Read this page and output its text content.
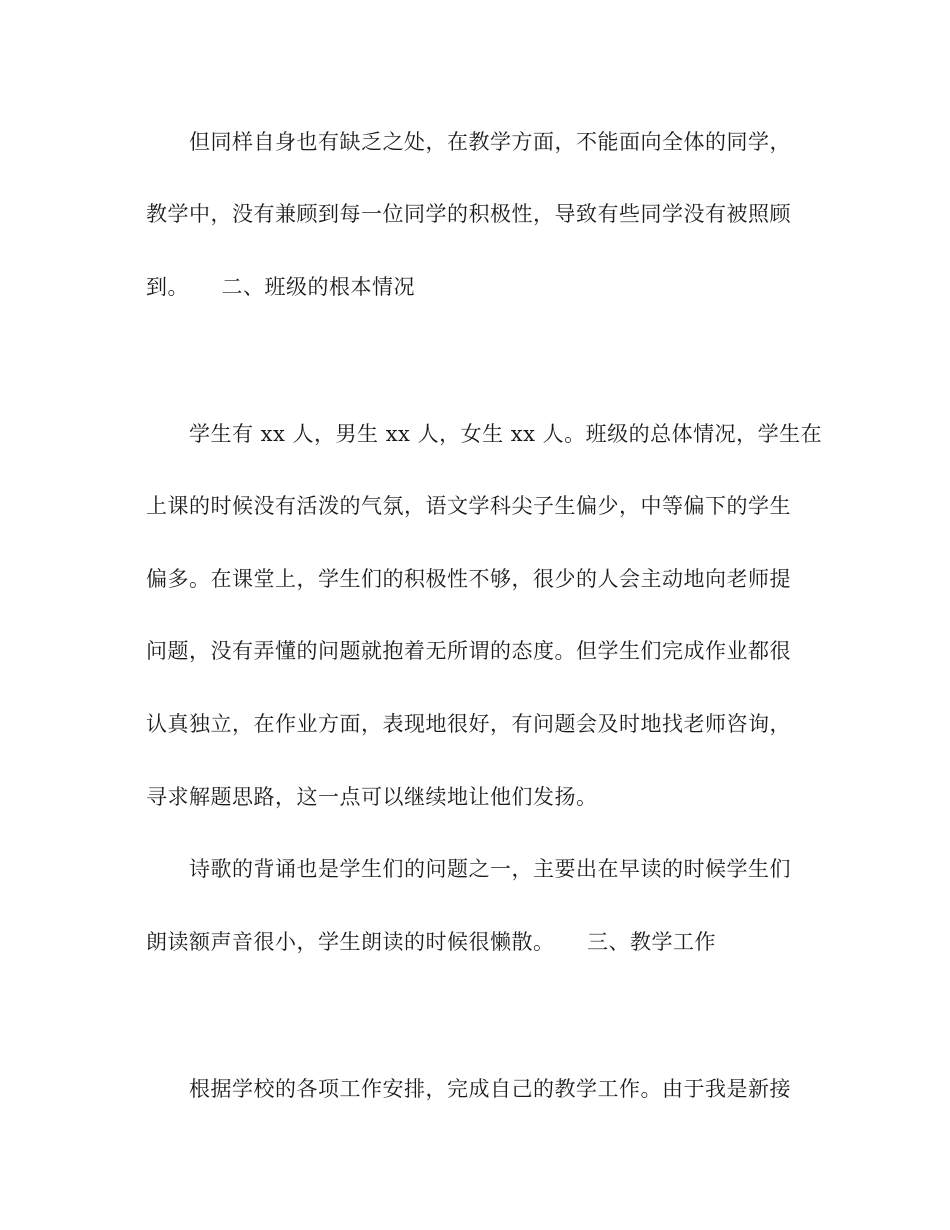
但同样自身也有缺乏之处，在教学方面，不能面向全体的同学，
教学中，没有兼顾到每一位同学的积极性，导致有些同学没有被照顾
到。　　二、班级的根本情况
学生有 xx 人，男生 xx 人，女生 xx 人。班级的总体情况，学生在
上课的时候没有活泼的气氛，语文学科尖子生偏少，中等偏下的学生
偏多。在课堂上，学生们的积极性不够，很少的人会主动地向老师提
问题，没有弄懂的问题就抱着无所谓的态度。但学生们完成作业都很
认真独立，在作业方面，表现地很好，有问题会及时地找老师咨询，
寻求解题思路，这一点可以继续地让他们发扬。
诗歌的背诵也是学生们的问题之一，主要出在早读的时候学生们
朗读额声音很小，学生朗读的时候很懒散。　　三、教学工作
根据学校的各项工作安排，完成自己的教学工作。由于我是新接
